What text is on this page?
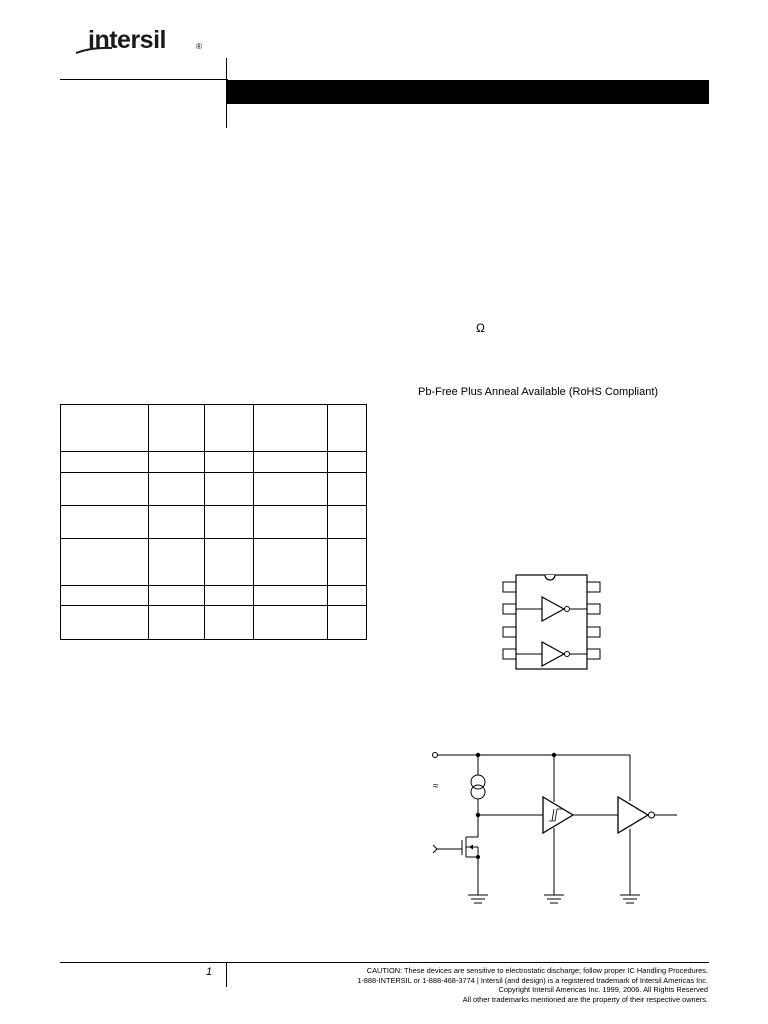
intersil	®
Ω
Pb-Free Plus Anneal Available (RoHS Compliant)

≈
1	CAUTION: These devices are sensitive to electrostatic discharge; follow proper IC Handling Procedures.
1-888-INTERSIL or 1-888-468-3774 | Intersil (and design) is a registered trademark of Intersil Americas Inc.
Copyright Intersil Americas Inc. 1999, 2006. All Rights Reserved
All other trademarks mentioned are the property of their respective owners.
